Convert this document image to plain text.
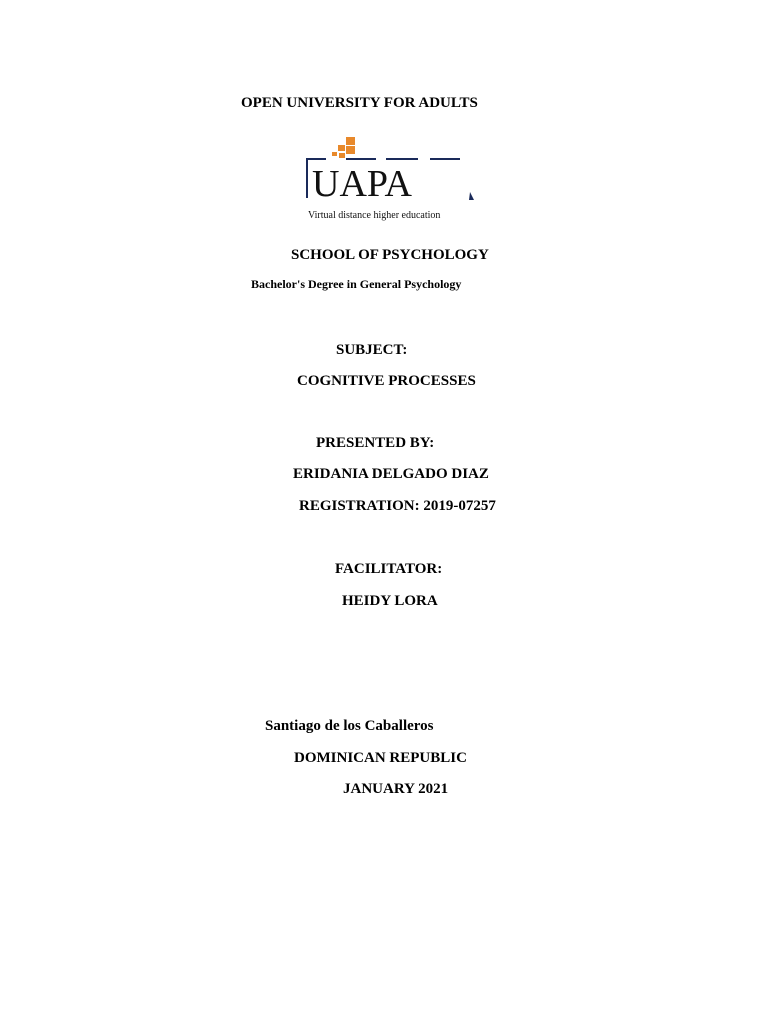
OPEN UNIVERSITY FOR ADULTS
UAPA
Virtual distance higher education
SCHOOL OF PSYCHOLOGY
Bachelor's Degree in General Psychology
SUBJECT:
COGNITIVE PROCESSES
PRESENTED BY:
ERIDANIA DELGADO DIAZ
REGISTRATION: 2019-07257
FACILITATOR:
HEIDY LORA
Santiago de los Caballeros
DOMINICAN REPUBLIC
JANUARY 2021
